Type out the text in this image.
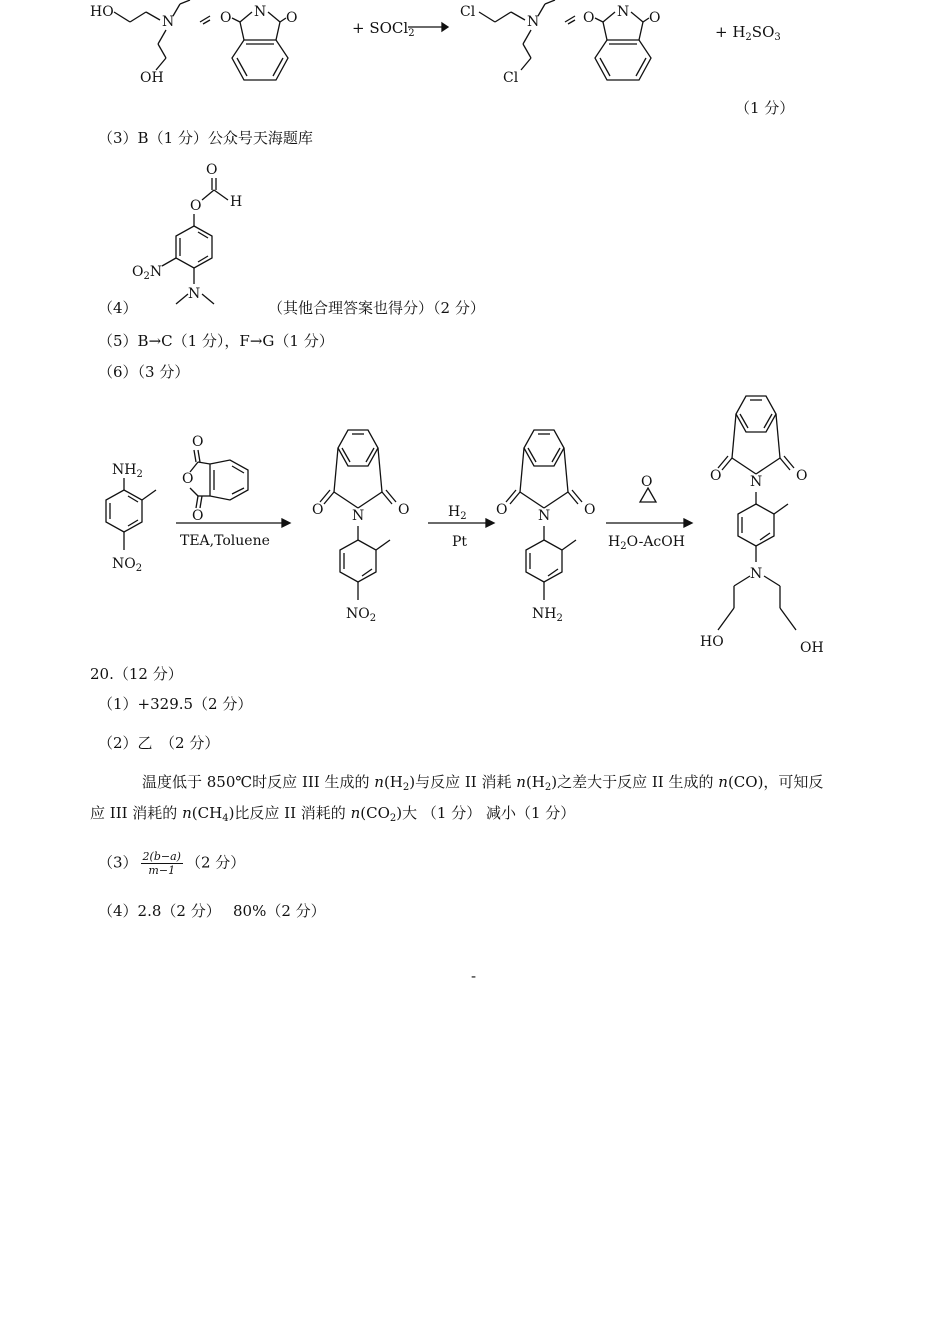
HO
N
OH
O N O
+ SOCl$_2$
Cl
N
Cl
O N O
+ $H_2SO_3$
（1 分）
（3）B（1 分）公众号天海题库
O
H
O
$O_2N$
N
（4）	（其他合理答案也得分）（2 分）
（5）B→C（1 分），F→G（1 分）
（6）（3 分）
$NH_2$
$NO_2$
O
O
O
TEA,Toluene
O	O
N
$NO_2$
$H_2$
Pt
O	O
N
$NH_2$
O
$H_2O$-AcOH
O	O
N
N
HO	OH
20.（12 分）
（1）+329.5（2 分）
（2）乙　（2 分）
温度低于 850℃时反应 III 生成的 $n(H_2)$与反应 II 消耗 $n(H_2)$之差大于反应 II 生成的 n(CO)，可知反
应 III 消耗的 $n(CH_4)$比反应 II 消耗的 $n(CO_2)$大 （1 分） 减小（1 分）
$(3) \frac{2(b-a)}{m-1} (2$ 分）
（4）2.8（2 分）　 80%（2 分）
-
